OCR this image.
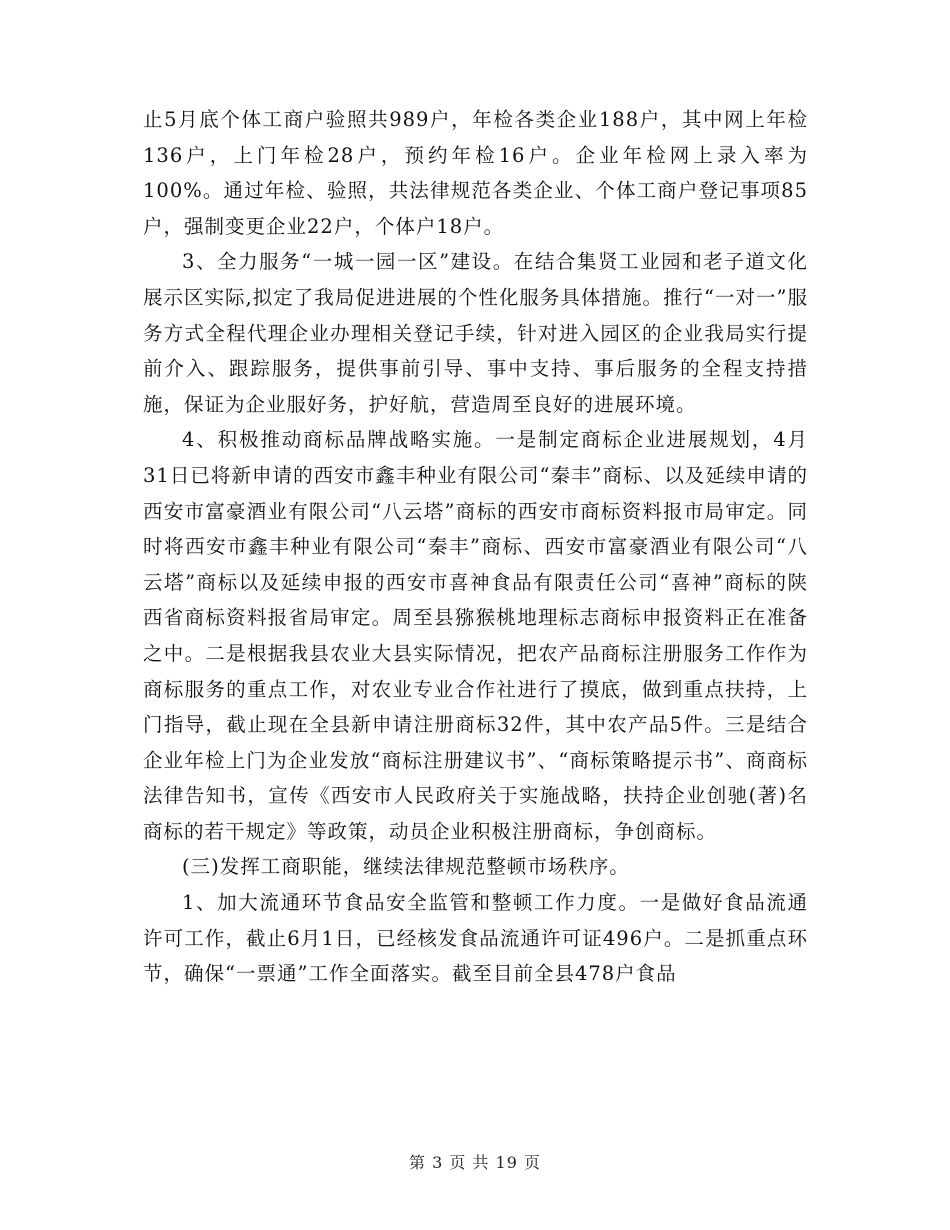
止5月底个体工商户验照共989户，年检各类企业188户，其中网上年检136户，上门年检28户，预约年检16户。企业年检网上录入率为100%。通过年检、验照，共法律规范各类企业、个体工商户登记事项85户，强制变更企业22户，个体户18户。

3、全力服务“一城一园一区”建设。在结合集贤工业园和老子道文化展示区实际,拟定了我局促进进展的个性化服务具体措施。推行“一对一”服务方式全程代理企业办理相关登记手续，针对进入园区的企业我局实行提前介入、跟踪服务，提供事前引导、事中支持、事后服务的全程支持措施，保证为企业服好务，护好航，营造周至良好的进展环境。

4、积极推动商标品牌战略实施。一是制定商标企业进展规划，4月31日已将新申请的西安市鑫丰种业有限公司“秦丰”商标、以及延续申请的西安市富豪酒业有限公司“八云塔”商标的西安市商标资料报市局审定。同时将西安市鑫丰种业有限公司“秦丰”商标、西安市富豪酒业有限公司“八云塔”商标以及延续申报的西安市喜神食品有限责任公司“喜神”商标的陕西省商标资料报省局审定。周至县猕猴桃地理标志商标申报资料正在准备之中。二是根据我县农业大县实际情况，把农产品商标注册服务工作作为商标服务的重点工作，对农业专业合作社进行了摸底，做到重点扶持，上门指导，截止现在全县新申请注册商标32件，其中农产品5件。三是结合企业年检上门为企业发放“商标注册建议书”、“商标策略提示书”、商商标法律告知书，宣传《西安市人民政府关于实施战略，扶持企业创驰(著)名商标的若干规定》等政策，动员企业积极注册商标，争创商标。

(三)发挥工商职能，继续法律规范整顿市场秩序。

1、加大流通环节食品安全监管和整顿工作力度。一是做好食品流通许可工作，截止6月1日，已经核发食品流通许可证496户。二是抓重点环节，确保“一票通”工作全面落实。截至目前全县478户食品

第 3 页 共 19 页
